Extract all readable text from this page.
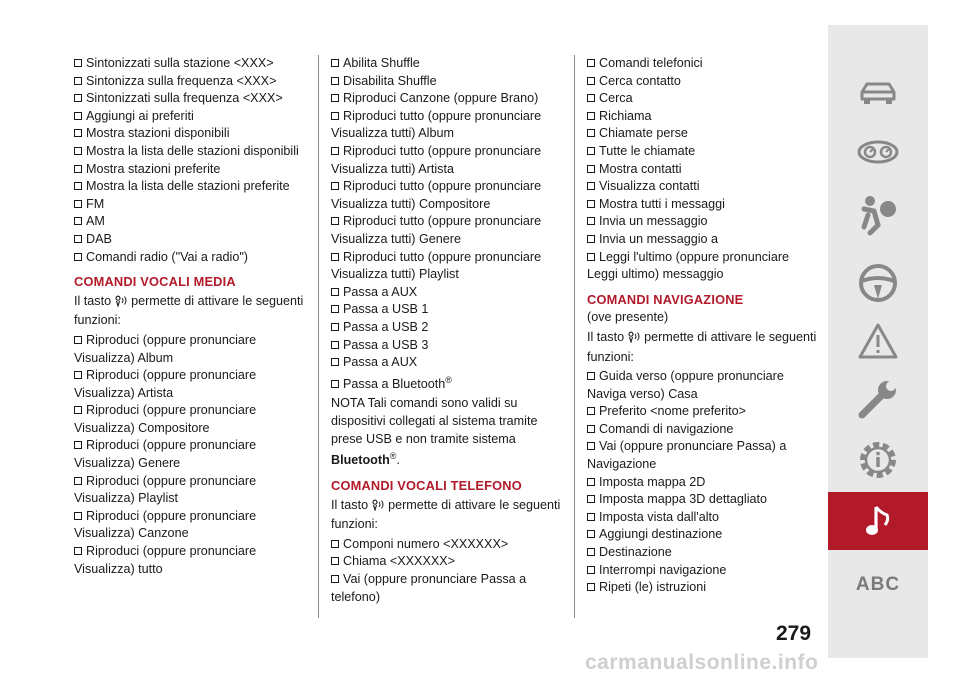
Sintonizzati sulla stazione <XXX>
Sintonizza sulla frequenza <XXX>
Sintonizzati sulla frequenza <XXX>
Aggiungi ai preferiti
Mostra stazioni disponibili
Mostra la lista delle stazioni disponibili
Mostra stazioni preferite
Mostra la lista delle stazioni preferite
FM
AM
DAB
Comandi radio ("Vai a radio")
COMANDI VOCALI MEDIA
Il tasto permette di attivare le seguenti funzioni:
Riproduci (oppure pronunciare Visualizza) Album
Riproduci (oppure pronunciare Visualizza) Artista
Riproduci (oppure pronunciare Visualizza) Compositore
Riproduci (oppure pronunciare Visualizza) Genere
Riproduci (oppure pronunciare Visualizza) Playlist
Riproduci (oppure pronunciare Visualizza) Canzone
Riproduci (oppure pronunciare Visualizza) tutto
Abilita Shuffle
Disabilita Shuffle
Riproduci Canzone (oppure Brano)
Riproduci tutto (oppure pronunciare Visualizza tutti) Album
Riproduci tutto (oppure pronunciare Visualizza tutti) Artista
Riproduci tutto (oppure pronunciare Visualizza tutti) Compositore
Riproduci tutto (oppure pronunciare Visualizza tutti) Genere
Riproduci tutto (oppure pronunciare Visualizza tutti) Playlist
Passa a AUX
Passa a USB 1
Passa a USB 2
Passa a USB 3
Passa a AUX
Passa a Bluetooth®
NOTA Tali comandi sono validi su dispositivi collegati al sistema tramite prese USB e non tramite sistema Bluetooth®.
COMANDI VOCALI TELEFONO
Il tasto permette di attivare le seguenti funzioni:
Componi numero <XXXXXX>
Chiama <XXXXXX>
Vai (oppure pronunciare Passa a telefono)
Comandi telefonici
Cerca contatto
Cerca
Richiama
Chiamate perse
Tutte le chiamate
Mostra contatti
Visualizza contatti
Mostra tutti i messaggi
Invia un messaggio
Invia un messaggio a
Leggi l'ultimo (oppure pronunciare Leggi ultimo) messaggio
COMANDI NAVIGAZIONE
(ove presente)
Il tasto permette di attivare le seguenti funzioni:
Guida verso (oppure pronunciare Naviga verso) Casa
Preferito <nome preferito>
Comandi di navigazione
Vai (oppure pronunciare Passa) a Navigazione
Imposta mappa 2D
Imposta mappa 3D dettagliato
Imposta vista dall'alto
Aggiungi destinazione
Destinazione
Interrompi navigazione
Ripeti (le) istruzioni
279
ABC
carmanualsonline.info
